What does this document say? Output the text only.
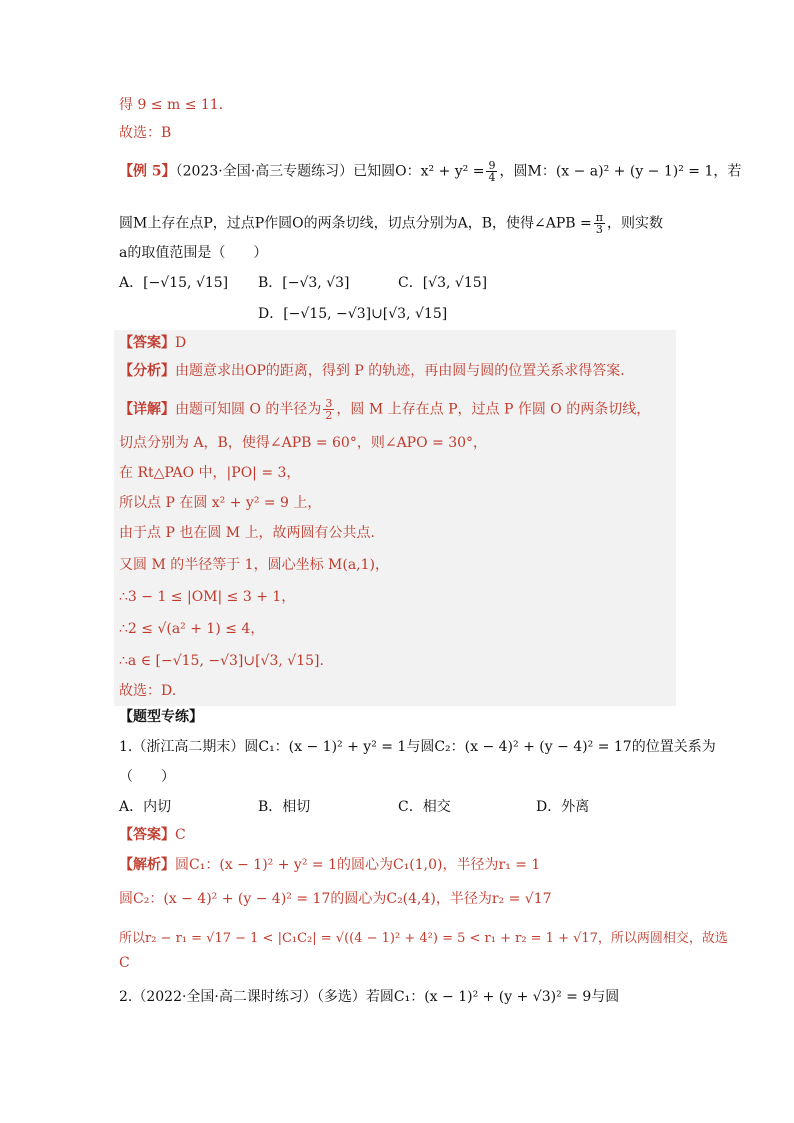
得 9 ≤ m ≤ 11．
故选：B
【例 5】（2023·全国·高三专题练习）已知圆O：$x^2 + y^2 = \frac{9}{4}$ ，圆M：(x − a)² + (y − 1)² = 1，若
圆M上存在点P，过点P作圆O的两条切线，切点分别为A，B，使得∠APB = $\frac{\pi}{3}$ ，则实数
a的取值范围是（　　）
A．[−√15, √15] B．[−√3, √3]	C．[√3, √15]
D．[−√15, −√3]∪[√3, √15]
【答案】D
【分析】由题意求出OP的距离，得到 P 的轨迹，再由圆与圆的位置关系求得答案．
【详解】由题可知圆 O 的半径为 $\frac{3}{2}$ ，圆 M 上存在点 P，过点 P 作圆 O 的两条切线，
切点分别为 A，B，使得∠APB = 60°，则∠APO = 30°，
在 Rt△PAO 中，|PO| = 3，
所以点 P 在圆 x² + y² = 9 上，
由于点 P 也在圆 M 上，故两圆有公共点.
又圆 M 的半径等于 1，圆心坐标 M(a,1)，
∴3 − 1 ≤ |OM| ≤ 3 + 1，
∴2 ≤ √(a² + 1) ≤ 4，
∴a ∈ [−√15, −√3]∪[√3, √15].
故选：D.
【题型专练】
1.（浙江高二期末）圆C₁：(x − 1)² + y² = 1与圆C₂：(x − 4)² + (y − 4)² = 17的位置关系为
（　　）
A．内切	B．相切	C．相交	D．外离
【答案】C
【解析】圆C₁：(x − 1)² + y² = 1的圆心为C₁(1,0)，半径为r₁ = 1
圆C₂：(x − 4)² + (y − 4)² = 17的圆心为C₂(4,4)，半径为r₂ = √17
所以r₂ − r₁ = √17 − 1 < |C₁C₂| = √((4 − 1)² + 4²) = 5 < r₁ + r₂ = 1 + √17，所以两圆相交，故选
C
2.（2022·全国·高二课时练习）（多选）若圆C₁：(x − 1)² + (y + √3)² = 9与圆
